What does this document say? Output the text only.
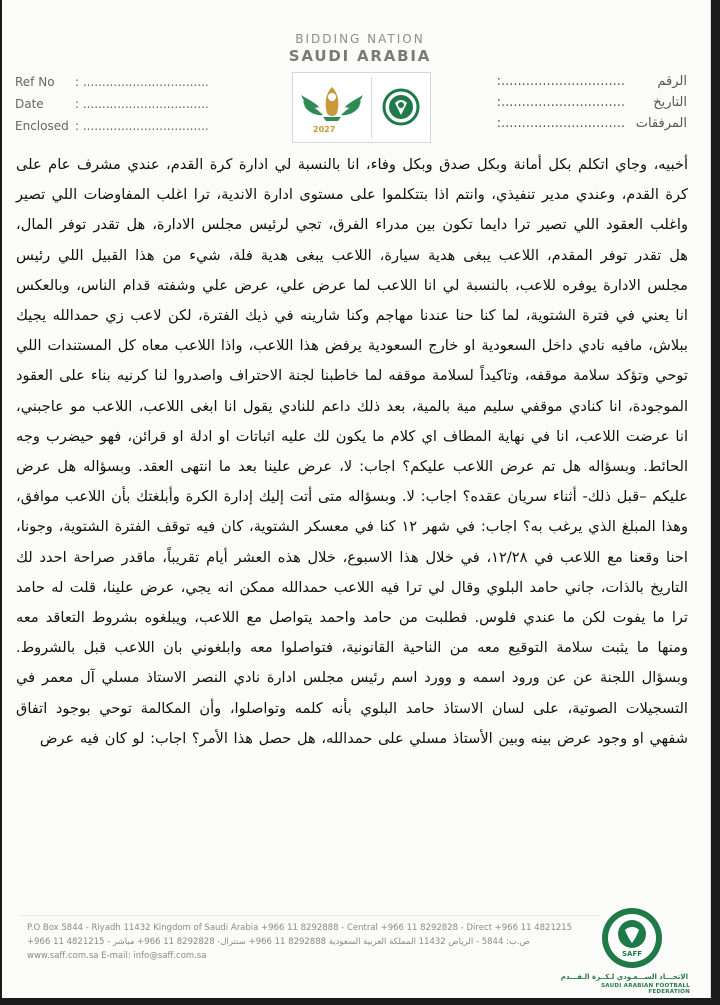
BIDDING NATION
SAUDI ARABIA
2027
Ref No : .................................
Date	: .................................
Enclosed : .................................
الرقم..............................:
التاريخ..............................:
المرفقات..............................:
أخبيه، وجاي اتكلم بكل أمانة وبكل صدق وبكل وفاء، انا بالنسبة لي ادارة كرة القدم، عندي مشرف عام على كرة القدم، وعندي مدير تنفيذي، وانتم اذا بتتكلموا على مستوى ادارة الاندية، ترا اغلب المفاوضات اللي تصير واغلب العقود اللي تصير ترا دايما تكون بين مدراء الفرق، تجي لرئيس مجلس الادارة، هل تقدر توفر المال، هل تقدر توفر المقدم، اللاعب يبغى هدية سيارة، اللاعب يبغى هدية فلة، شيء من هذا القبيل اللي رئيس مجلس الادارة يوفره للاعب، بالنسبة لي انا اللاعب لما عرض علي، عرض علي وشفته قدام الناس، وبالعكس انا يعني في فترة الشتوية، لما كنا حنا عندنا مهاجم وكنا شارينه في ذيك الفترة، لكن لاعب زي حمدالله يجيك ببلاش، مافيه نادي داخل السعودية او خارج السعودية يرفض هذا اللاعب، واذا اللاعب معاه كل المستندات اللي توحي وتؤكد سلامة موقفه، وتاكيداً لسلامة موقفه لما خاطبنا لجنة الاحتراف واصدروا لنا كرنيه بناء على العقود الموجودة، انا كنادي موقفي سليم مية بالمية، بعد ذلك داعم للنادي يقول انا ابغى اللاعب، اللاعب مو عاجبني، انا عرضت اللاعب، انا في نهاية المطاف اي كلام ما يكون لك عليه اثباتات او ادلة او قرائن، فهو حيضرب وجه الحائط. وبسؤاله هل تم عرض اللاعب عليكم؟ اجاب: لا، عرض علينا بعد ما انتهى العقد. وبسؤاله هل عرض عليكم –قبل ذلك- أثناء سريان عقده؟ اجاب: لا. وبسؤاله متى أتت إليك إدارة الكرة وأبلغتك بأن اللاعب موافق، وهذا المبلغ الذي يرغب به؟ اجاب: في شهر ١٢ كنا في معسكر الشتوية، كان فيه توقف الفترة الشتوية، وجونا، احنا وقعنا مع اللاعب في ١٢/٢٨، في خلال هذا الاسبوع، خلال هذه العشر أيام تقريباً، ماقدر صراحة احدد لك التاريخ بالذات، جاني حامد البلوي وقال لي ترا فيه اللاعب حمدالله ممكن انه يجي، عرض علينا، قلت له حامد ترا ما يفوت لكن ما عندي فلوس. فطلبت من حامد واحمد يتواصل مع اللاعب، ويبلغوه بشروط التعاقد معه ومنها ما يثبت سلامة التوقيع معه من الناحية القانونية، فتواصلوا معه وابلغوني بان اللاعب قبل بالشروط. وبسؤال اللجنة عن عن ورود اسمه و وورد اسم رئيس مجلس ادارة نادي النصر الاستاذ مسلي آل معمر في التسجيلات الصوتية، على لسان الاستاذ حامد البلوي بأنه كلمه وتواصلوا، وأن المكالمة توحي بوجود اتفاق شفهي او وجود عرض بينه وبين الأستاذ مسلي على حمدالله، هل حصل هذا الأمر؟ اجاب: لو كان فيه عرض
P.O Box 5844 - Riyadh 11432 Kingdom of Saudi Arabia +966 11 8292888 - Central +966 11 8292828 - Direct +966 11 4821215
ص.ب: 5844 - الرياض 11432 المملكة العربية السعودية 8292888 11 966+ سنترال- 8292828 11 966+ مباشر - 4821215 11 966+
www.saff.com.sa E-mail: info@saff.com.sa	SAFF
الاتحـــاد الســـعـودي لـكــرة الـقـــدم
SAUDI ARABIAN FOOTBALL FEDERATION
